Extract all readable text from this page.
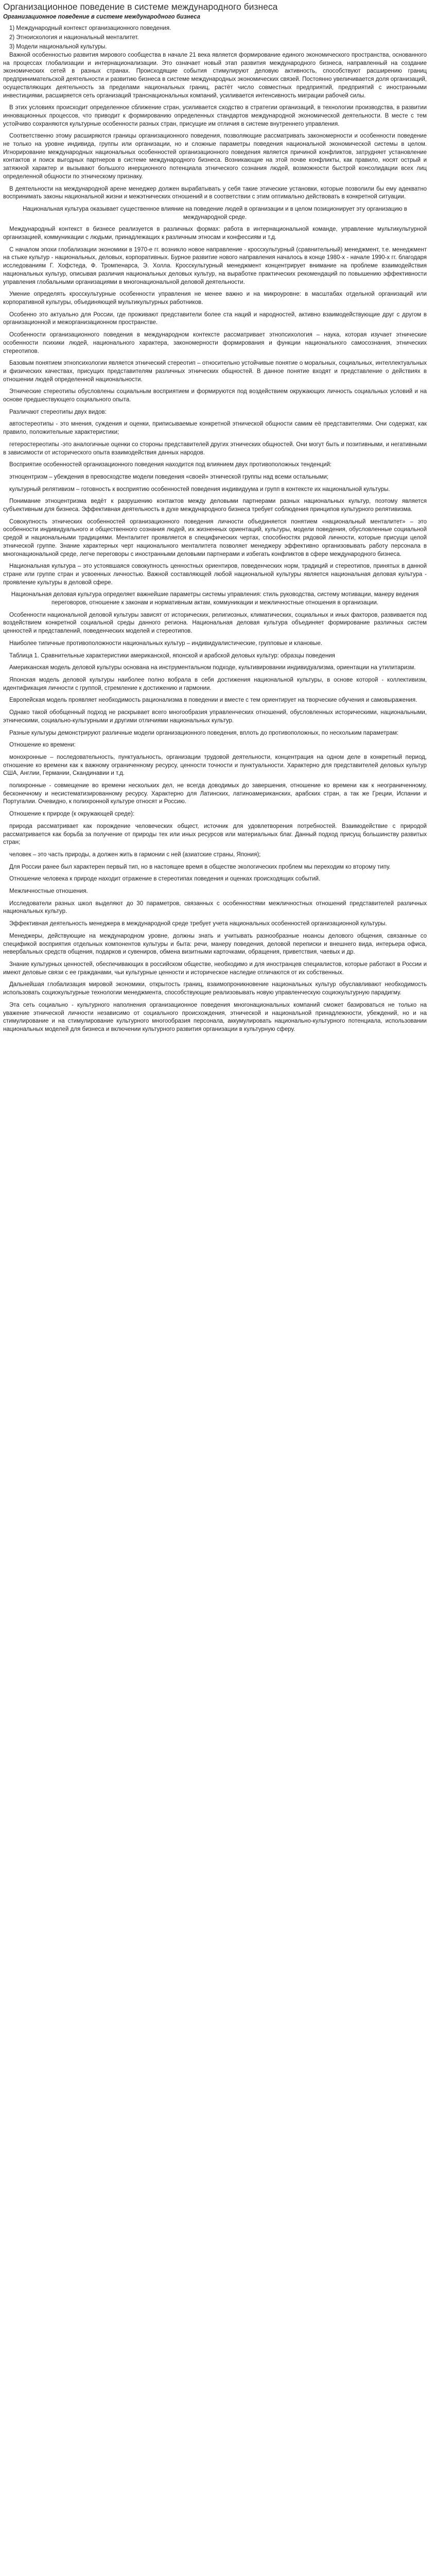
Организационное поведение в системе международного бизнеса
Организационное поведение в системе международного бизнеса
1) Международный контекст организационного поведения.
2) Этноискология и национальный менталитет.
3) Модели национальной культуры.

Важной особенностью развития мирового сообщества в начале 21 века является формирование единого экономического пространства, основанного на процессах глобализации и интернационализации. Это означает новый этап развития международного бизнеса, направленный на создание экономических сетей в разных странах. Происходящие события стимулируют деловую активность, способствуют расширению границ предпринимательской деятельности и развитию бизнеса в системе международных экономических связей. Постоянно увеличивается доля организаций, осуществляющих деятельность за пределами национальных границ, растёт число совместных предприятий, предприятий с иностранными инвестициями, расширяется сеть организаций транснациональных компаний, усиливается интенсивность миграции рабочей силы.

В этих условиях происходит определенное сближение стран, усиливается сходство в стратегии организаций, в технологии производства, в развитии инновационных процессов, что приводит к формированию определенных стандартов международной экономической деятельности. В месте с тем устойчиво сохраняются культурные особенности разных стран, присущие им отличия в системе внутреннего управления.

Соответственно этому расширяются границы организационного поведения, позволяющие рассматривать закономерности и особенности поведение не только на уровне индивида, группы или организации, но и сложные параметры поведения национальной экономической системы в целом. Игнорирование международных национальных особенностей организационного поведения является причиной конфликтов, затрудняет установление контактов и поиск выгодных партнеров в системе международного бизнеса. Возникающие на этой почве конфликты, как правило, носят острый и затяжной характер и вызывают большого инерционного потенциала этнического сознания людей, возможности быстрой консолидации всех лиц определенной общности по этническому признаку.

В деятельности на международной арене менеджер должен вырабатывать у себя такие этические установки, которые позволили бы ему адекватно воспринимать законы национальной жизни и межэтнических отношений и в соответствии с этим оптимально действовать в конкретной ситуации.

Национальная культура оказывает существенное влияние на поведение людей в организации и в целом позиционирует эту организацию в международной среде.

Международный контекст в бизнесе реализуется в различных формах: работа в интернациональной команде, управление мультикультурной организацией, коммуникации с людьми, принадлежащих к различным этносам и конфессиям и т.д.

С началом эпохи глобализации экономики в 1970-е гг. возникло новое направление - кросскультурный (сравнительный) менеджмент, т.е. менеджмент на стыке культур - национальных, деловых, корпоративных. Бурное развитие нового направления началось в конце 1980-х - начале 1990-х гг. благодаря исследованиям Г. Хофстеда, Ф. Тромпенарса, Э. Холла. Кросскультурный менеджмент концентрирует внимание на проблеме взаимодействия национальных культур, описывая различия национальных деловых культур, на выработке практических рекомендаций по повышению эффективности управления глобальными организациями в многонациональной деловой деятельности.

Умение определять кросскультурные особенности управления не менее важно и на микроуровне: в масштабах отдельной организаций или корпоративной культуры, объединяющей мультикультурных работников.

Особенно это актуально для России, где проживают представители более ста наций и народностей, активно взаимодействующие друг с другом в организационной и межорганизационном пространстве.

Особенности организационного поведения в международном контексте рассматривает этнопсихология – наука, которая изучает этнические особенности психики людей, национального характера, закономерности формирования и функции национального самосознания, этнических стереотипов.

Базовым понятием этнопсихологии является этнический стереотип – относительно устойчивые понятие о моральных, социальных, интеллектуальных и физических качествах, присущих представителям различных этнических общностей. В данное понятие входят и представление о действиях в отношении людей определенной национальности.

Этнические стереотипы обусловлены социальным восприятием и формируются под воздействием окружающих личность социальных условий и на основе предшествующего социального опыта.

Различают стереотипы двух видов:

автостереотипы - это мнения, суждения и оценки, приписываемые конкретной этнической общности самим её представителями. Они содержат, как правило, положительные характеристики;

гетеростереотипы -это аналогичные оценки со стороны представителей других этнических общностей. Они могут быть и позитивными, и негативными в зависимости от исторического опыта взаимодействия данных народов.

Восприятие особенностей организационного поведения находится под влиянием двух противоположных тенденций:

этноцентризм – убеждения в превосходстве модели поведения «своей» этнической группы над всеми остальными;

культурный релятивизм – готовность к восприятию особенностей поведения индивидуума и групп в контексте их национальной культуры.

Понимание этноцентризма ведёт к разрушению контактов между деловыми партнерами разных национальных культур, поэтому является субъективным для бизнеса. Эффективная деятельность в духе международного бизнеса требует соблюдения принципов культурного релятивизма.

Совокупность этнических особенностей организационного поведения личности объединяется понятием «национальный менталитет» – это особенности индивидуального и общественного сознания людей, их жизненных ориентаций, культуры, модели поведения, обусловленные социальной средой и национальными традициями. Менталитет проявляется в специфических чертах, способностях рядовой личности, которые присущи целой этнической группе. Знание характерных черт национального менталитета позволяет менеджеру эффективно организовывать работу персонала в многонациональной среде, легче переговоры с иностранными деловыми партнерами и избегать конфликтов в сфере международного бизнеса.

Национальная культура – это устоявшаяся совокупность ценностных ориентиров, поведенческих норм, традиций и стереотипов, принятых в данной стране или группе стран и усвоенных личностью. Важной составляющей любой национальной культуры является национальная деловая культура - проявление культуры в деловой сфере.

Национальная деловая культура определяет важнейшие параметры системы управления: стиль руководства, систему мотивации, манеру ведения переговоров, отношение к законам и нормативным актам, коммуникации и межличностные отношения в организации.

Особенности национальной деловой культуры зависят от исторических, религиозных, климатических, социальных и иных факторов, развивается под воздействием конкретной социальной среды данного региона. Национальная деловая культура объединяет формирование различных систем ценностей и представлений, поведенческих моделей и стереотипов.

Наиболее типичные противоположности национальных культур – индивидуалистические, групповые и клановые.

Таблица 1. Сравнительные характеристики американской, японской и арабской деловых культур: образцы поведения

Американская модель деловой культуры основана на инструментальном подходе, культивировании индивидуализма, ориентации на утилитаризм.

Японская модель деловой культуры наиболее полно вобрала в себя достижения национальной культуры, в основе которой - коллективизм, идентификация личности с группой, стремление к достижению и гармонии.

Европейская модель проявляет необходимость рационализма в поведении и вместе с тем ориентирует на творческие обучения и самовыражения.

Однако такой обобщенный подход не раскрывает всего многообразия управленческих отношений, обусловленных историческими, национальными, этническими, социально-культурными и другими отличиями национальных культур.

Разные культуры демонстрируют различные модели организационного поведения, вплоть до противоположных, по нескольким параметрам:

Отношение ко времени:

монохронные – последовательность, пунктуальность, организации трудовой деятельности, концентрация на одном деле в конкретный период, отношение ко времени как к важному ограниченному ресурсу, ценности точности и пунктуальности. Характерно для представителей деловых культур США, Англии, Германии, Скандинавии и т.д.

полихронные - совмещение во времени нескольких дел, не всегда доводимых до завершения, отношение ко времени как к неограниченному, бесконечному и несистематизированному ресурсу. Характерно для Латинских, латиноамериканских, арабских стран, а так же Греции, Испании и Португалии. Очевидно, к полихронной культуре относят и Россию.

Отношение к природе (к окружающей среде):

природа рассматривает как порождение человеческих общест, источник для удовлетворения потребностей. Взаимодействие с природой рассматривается как борьба за получение от природы тех или иных ресурсов или материальных благ. Данный подход присущ большинству развитых стран;

человек – это часть природы, а должен жить в гармонии с ней (азиатские страны, Япония);

Для России ранее был характерен первый тип, но в настоящее время в обществе экологических проблем мы переходим ко второму типу.

Отношение человека к природе находит отражение в стереотипах поведения и оценках происходящих событий.

Межличностные отношения.

Исследователи разных школ выделяют до 30 параметров, связанных с особенностями межличностных отношений представителей различных национальных культур.

Эффективная деятельность менеджера в международной среде требует учета национальных особенностей организационной культуры.

Менеджеры, действующие на международном уровне, должны знать и учитывать разнообразные нюансы делового общения, связанные со спецификой восприятия отдельных компонентов культуры и быта: речи, манеру поведения, деловой переписки и внешнего вида, интерьера офиса, невербальных средств общения, подарков и сувениров, обмена визитными карточками, обращения, приветствия, чаевых и др.

Знание культурных ценностей, обеспечивающих в российском обществе, необходимо и для иностранцев специалистов, которые работают в России и имеют деловые связи с ее гражданами, чьи культурные ценности и историческое наследие отличаются от их собственных.

Дальнейшая глобализация мировой экономики, открытость границ, взаимопроникновение национальных культур обуславливают необходимость использовать социокультурные технологии менеджмента, способствующие реализовывать новую управленческую социокультурную парадигму.

Эта сеть социально - культурного наполнения организационное поведения многонациональных компаний сможет базироваться не только на уважение этнической личности независимо от социального происхождения, этнической и национальной принадлежности, убеждений, но и на стимулирование и на стимулирование культурного многообразия персонала, аккумулировать национально-культурного потенциала, использовании национальных моделей для бизнеса и включении культурного развития организации в культурную сферу.
